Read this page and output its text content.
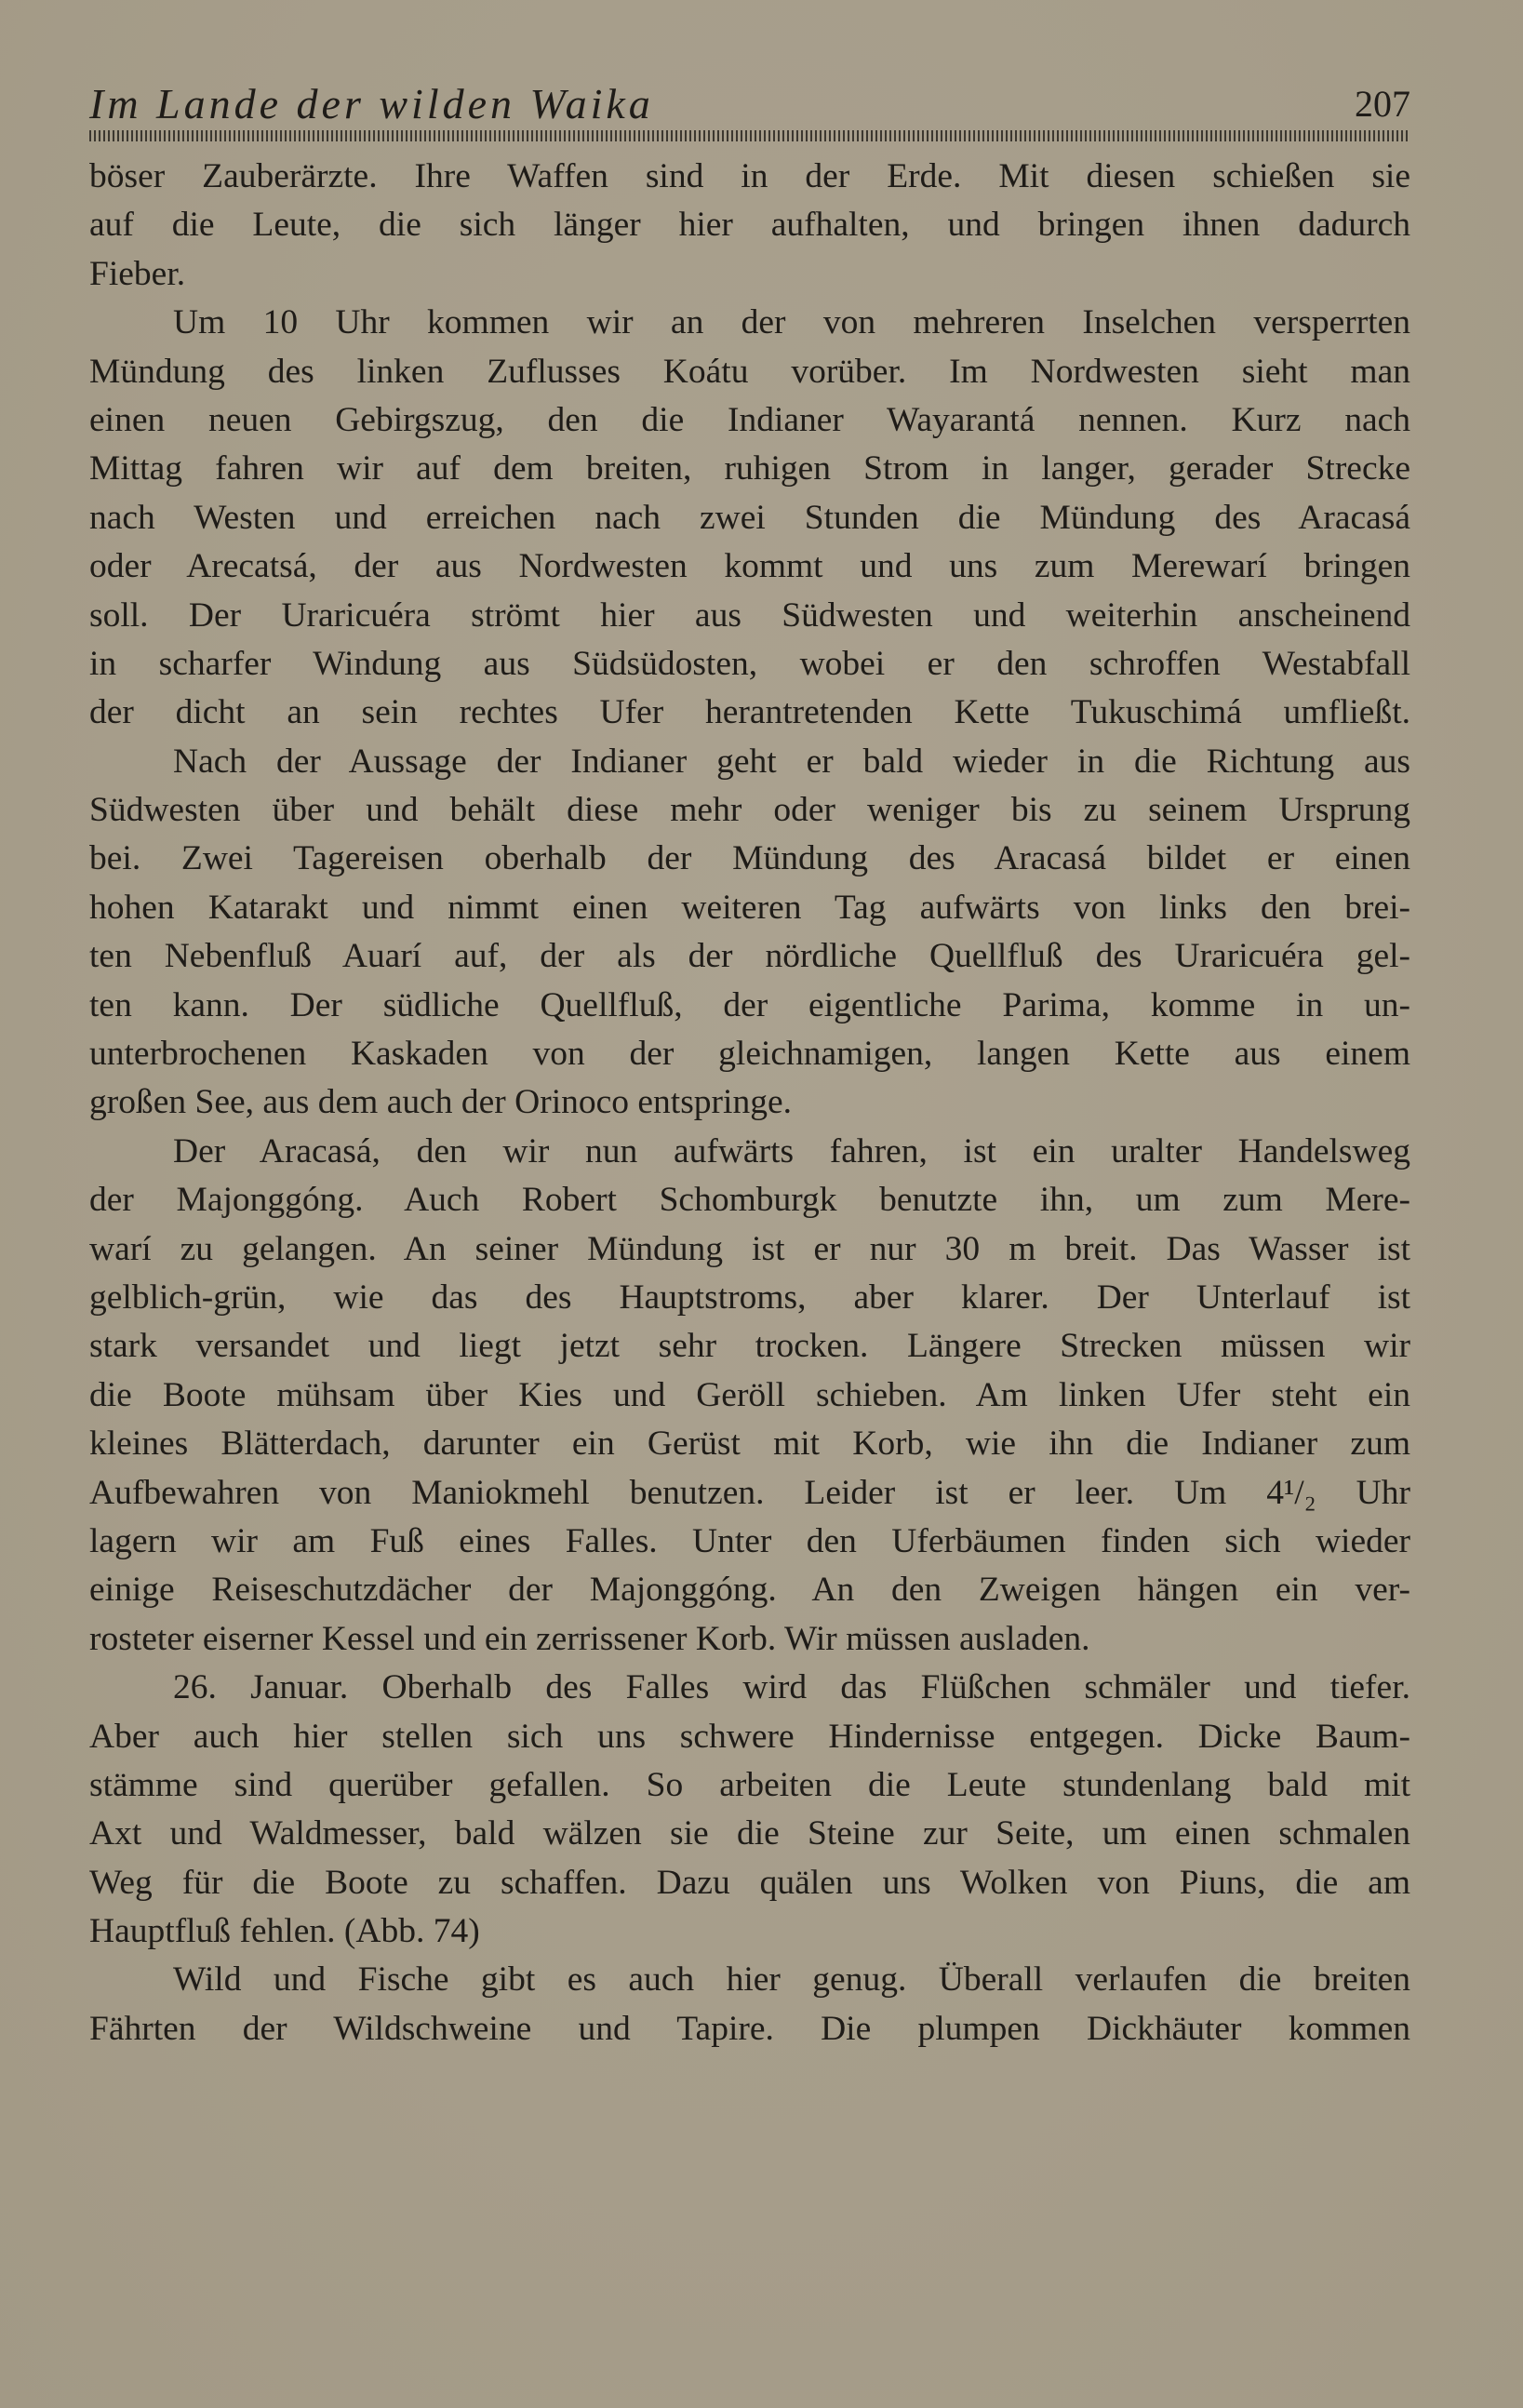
Im Lande der wilden Waika	207
böser Zauberärzte. Ihre Waffen sind in der Erde. Mit diesen schießen sie
auf die Leute, die sich länger hier aufhalten, und bringen ihnen dadurch
Fieber.
Um 10 Uhr kommen wir an der von mehreren Inselchen versperrten
Mündung des linken Zuflusses Koátu vorüber. Im Nordwesten sieht man
einen neuen Gebirgszug, den die Indianer Wayarantá nennen. Kurz nach
Mittag fahren wir auf dem breiten, ruhigen Strom in langer, gerader Strecke
nach Westen und erreichen nach zwei Stunden die Mündung des Aracasá
oder Arecatsá, der aus Nordwesten kommt und uns zum Merewarí bringen
soll. Der Uraricuéra strömt hier aus Südwesten und weiterhin anscheinend
in scharfer Windung aus Südsüdosten, wobei er den schroffen Westabfall
der dicht an sein rechtes Ufer herantretenden Kette Tukuschimá umfließt.
Nach der Aussage der Indianer geht er bald wieder in die Richtung aus
Südwesten über und behält diese mehr oder weniger bis zu seinem Ursprung
bei. Zwei Tagereisen oberhalb der Mündung des Aracasá bildet er einen
hohen Katarakt und nimmt einen weiteren Tag aufwärts von links den brei-
ten Nebenfluß Auarí auf, der als der nördliche Quellfluß des Uraricuéra gel-
ten kann. Der südliche Quellfluß, der eigentliche Parima, komme in un-
unterbrochenen Kaskaden von der gleichnamigen, langen Kette aus einem
großen See, aus dem auch der Orinoco entspringe.
Der Aracasá, den wir nun aufwärts fahren, ist ein uralter Handelsweg
der Majonggóng. Auch Robert Schomburgk benutzte ihn, um zum Mere-
warí zu gelangen. An seiner Mündung ist er nur 30 m breit. Das Wasser ist
gelblich-grün, wie das des Hauptstroms, aber klarer. Der Unterlauf ist
stark versandet und liegt jetzt sehr trocken. Längere Strecken müssen wir
die Boote mühsam über Kies und Geröll schieben. Am linken Ufer steht ein
kleines Blätterdach, darunter ein Gerüst mit Korb, wie ihn die Indianer zum
Aufbewahren von Maniokmehl benutzen. Leider ist er leer. Um 4¹/₂ Uhr
lagern wir am Fuß eines Falles. Unter den Uferbäumen finden sich wieder
einige Reiseschutzdächer der Majonggóng. An den Zweigen hängen ein ver-
rosteter eiserner Kessel und ein zerrissener Korb. Wir müssen ausladen.
26. Januar. Oberhalb des Falles wird das Flüßchen schmäler und tiefer.
Aber auch hier stellen sich uns schwere Hindernisse entgegen. Dicke Baum-
stämme sind querüber gefallen. So arbeiten die Leute stundenlang bald mit
Axt und Waldmesser, bald wälzen sie die Steine zur Seite, um einen schmalen
Weg für die Boote zu schaffen. Dazu quälen uns Wolken von Piuns, die am
Hauptfluß fehlen. (Abb. 74)
Wild und Fische gibt es auch hier genug. Überall verlaufen die breiten
Fährten der Wildschweine und Tapire. Die plumpen Dickhäuter kommen
